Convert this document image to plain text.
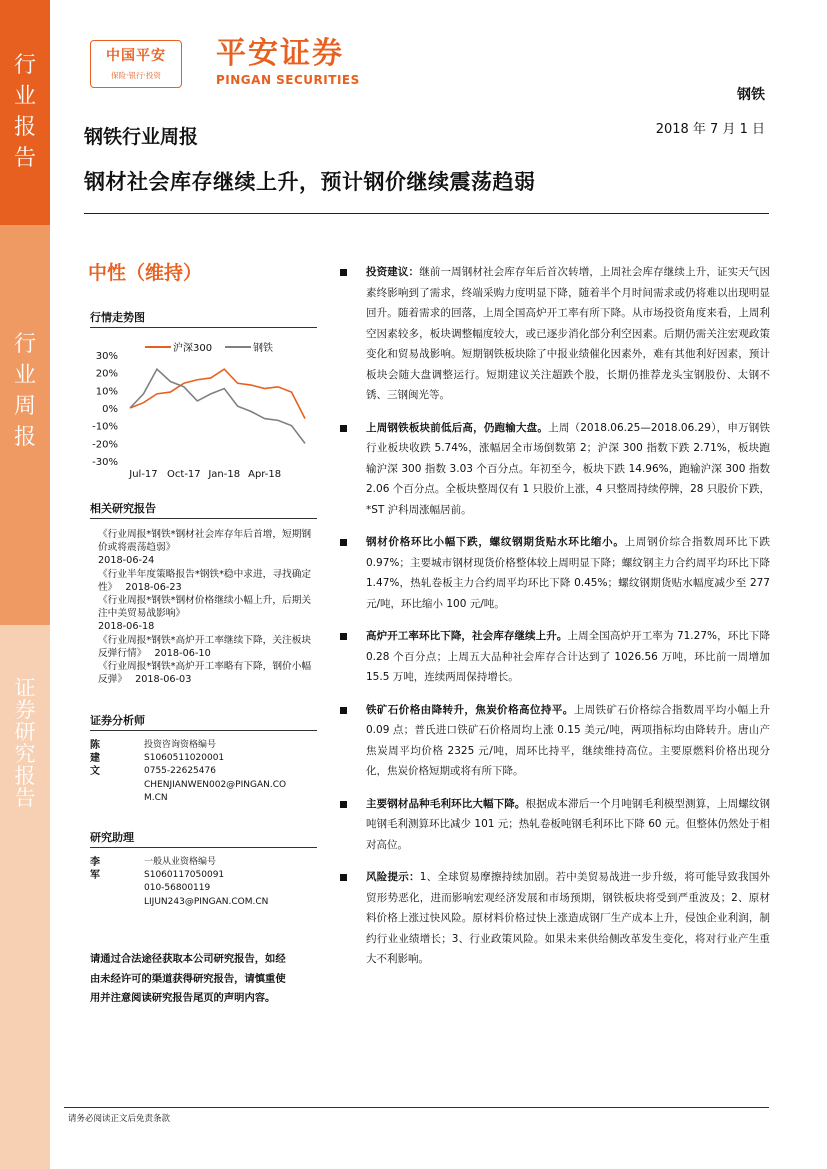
行业报告
行业周报
证券研究报告
中国平安
保险·银行·投资
平安证券
PINGAN SECURITIES
钢铁
2018 年 7 月 1 日
钢铁行业周报
钢材社会库存继续上升，预计钢价继续震荡趋弱
中性（维持）
行情走势图
30%
20%
10%
0%
-10%
-20%
-30%
Jul-17 Oct-17 Jan-18 Apr-18
沪深300	钢铁
相关研究报告
《行业周报*钢铁*钢材社会库存年后首增，短期钢价或将震荡趋弱》
2018-06-24
《行业半年度策略报告*钢铁*稳中求进，寻找确定性》 2018-06-23
《行业周报*钢铁*钢材价格继续小幅上升，后期关注中美贸易战影响》
2018-06-18
《行业周报*钢铁*高炉开工率继续下降，关注板块反弹行情》 2018-06-10
《行业周报*钢铁*高炉开工率略有下降，钢价小幅反弹》 2018-06-03
证券分析师
陈建文
投资咨询资格编号
S1060511020001
0755-22625476
CHENJIANWEN002@PINGAN.COM.CN
研究助理
李军
一般从业资格编号
S1060117050091
010-56800119
LIJUN243@PINGAN.COM.CN
请通过合法途径获取本公司研究报告，如经由未经许可的渠道获得研究报告，请慎重使用并注意阅读研究报告尾页的声明内容。
投资建议：继前一周钢材社会库存年后首次转增，上周社会库存继续上升，证实天气因素终影响到了需求，终端采购力度明显下降，随着半个月时间需求或仍将难以出现明显回升。随着需求的回落，上周全国高炉开工率有所下降。从市场投资角度来看，上周利空因素较多，板块调整幅度较大，或已逐步消化部分利空因素。后期仍需关注宏观政策变化和贸易战影响。短期钢铁板块除了中报业绩催化因素外，难有其他利好因素，预计板块会随大盘调整运行。短期建议关注超跌个股，长期仍推荐龙头宝钢股份、太钢不锈、三钢闽光等。
上周钢铁板块前低后高，仍跑输大盘。上周（2018.06.25—2018.06.29），申万钢铁行业板块收跌 5.74%，涨幅居全市场倒数第 2；沪深 300 指数下跌 2.71%，板块跑输沪深 300 指数 3.03 个百分点。年初至今，板块下跌 14.96%，跑输沪深 300 指数 2.06 个百分点。全板块整周仅有 1 只股价上涨，4 只整周持续停牌，28 只股价下跌，*ST 沪科周涨幅居前。
钢材价格环比小幅下跌，螺纹钢期货贴水环比缩小。上周钢价综合指数周环比下跌 0.97%；主要城市钢材现货价格整体较上周明显下降；螺纹钢主力合约周平均环比下降 1.47%，热轧卷板主力合约周平均环比下降 0.45%；螺纹钢期货贴水幅度减少至 277 元/吨，环比缩小 100 元/吨。
高炉开工率环比下降，社会库存继续上升。上周全国高炉开工率为 71.27%，环比下降 0.28 个百分点；上周五大品种社会库存合计达到了 1026.56 万吨，环比前一周增加 15.5 万吨，连续两周保持增长。
铁矿石价格由降转升，焦炭价格高位持平。上周铁矿石价格综合指数周平均小幅上升 0.09 点；普氏进口铁矿石价格周均上涨 0.15 美元/吨，两项指标均由降转升。唐山产焦炭周平均价格 2325 元/吨，周环比持平，继续维持高位。主要原燃料价格出现分化，焦炭价格短期或将有所下降。
主要钢材品种毛利环比大幅下降。根据成本滞后一个月吨钢毛利模型测算，上周螺纹钢吨钢毛利测算环比减少 101 元；热轧卷板吨钢毛利环比下降 60 元。但整体仍然处于相对高位。
风险提示：1、全球贸易摩擦持续加剧。若中美贸易战进一步升级，将可能导致我国外贸形势恶化，进而影响宏观经济发展和市场预期，钢铁板块将受到严重波及；2、原材料价格上涨过快风险。原材料价格过快上涨造成钢厂生产成本上升，侵蚀企业利润，制约行业业绩增长；3、行业政策风险。如果未来供给侧改革发生变化，将对行业产生重大不利影响。
请务必阅读正文后免责条款
